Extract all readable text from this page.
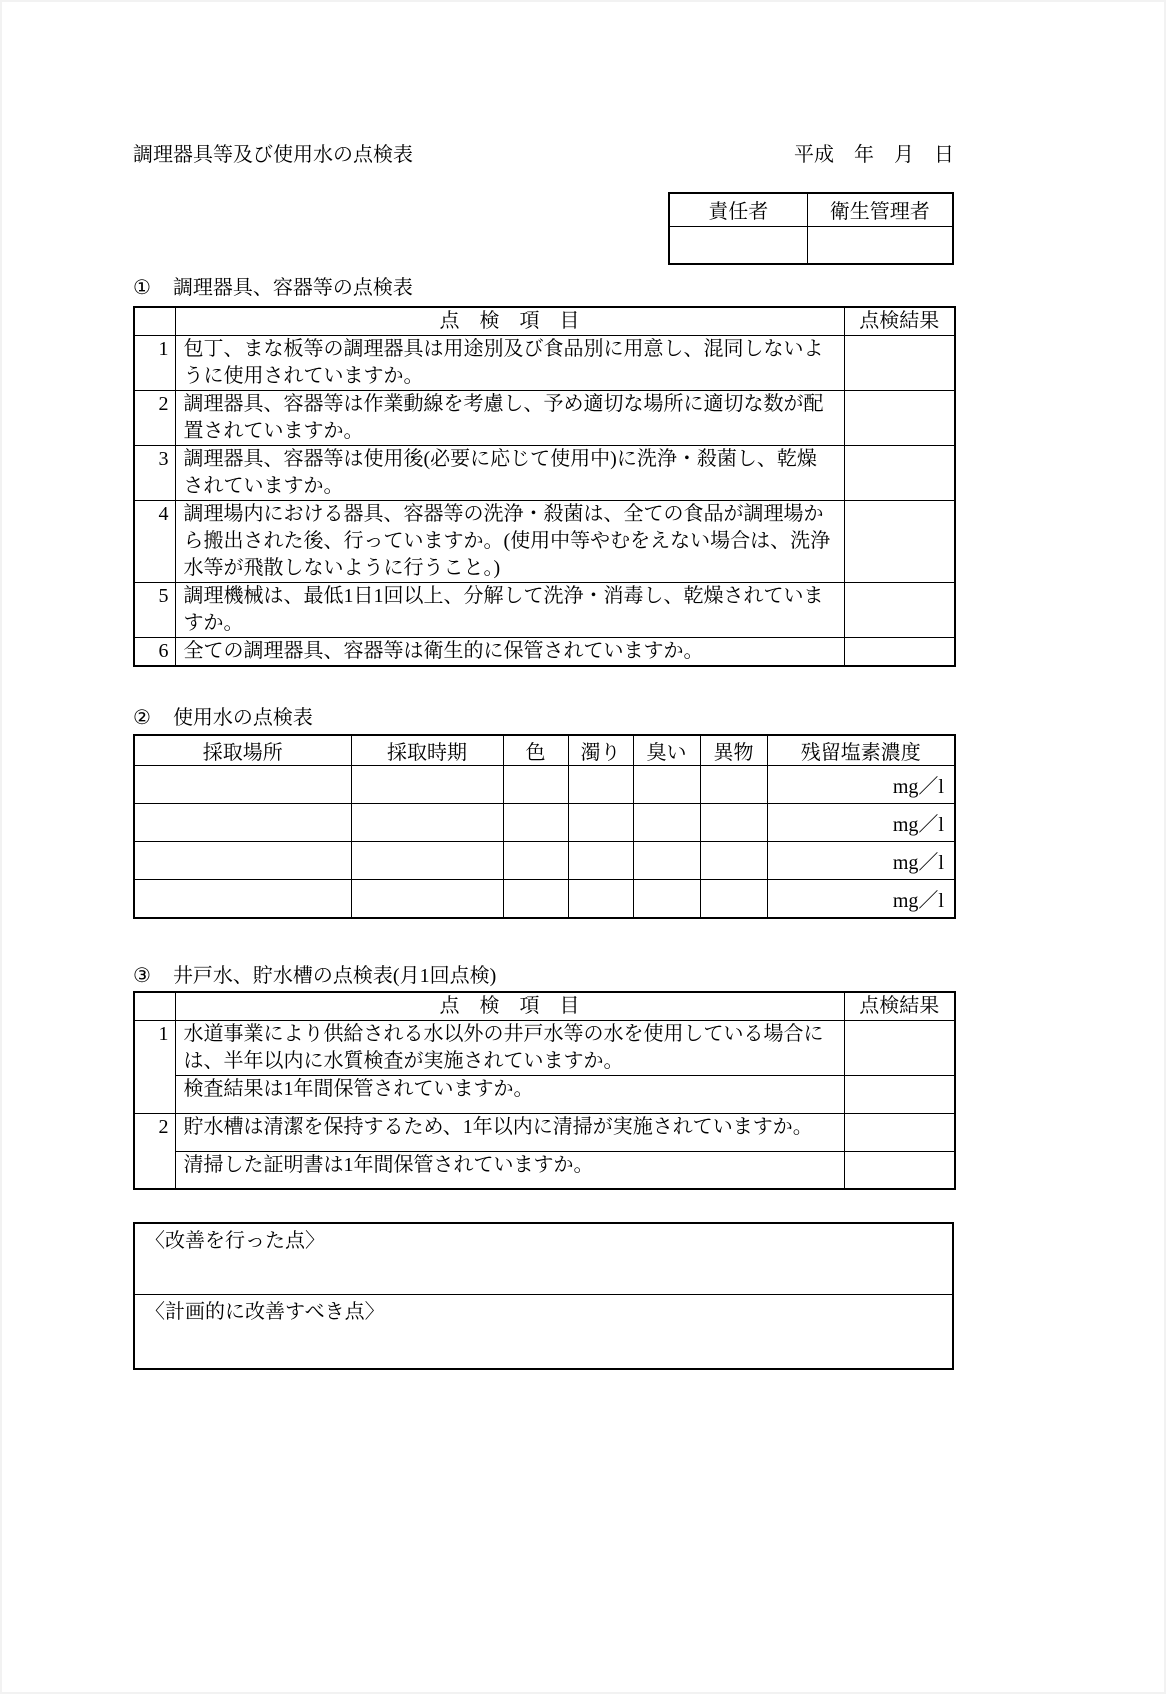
調理器具等及び使用水の点検表	平成　年　月　日
責任者	衛生管理者

① 調理器具、容器等の点検表
	点　検　項　目	点検結果
1	包丁、まな板等の調理器具は用途別及び食品別に用意し、混同しないように使用されていますか。	
2	調理器具、容器等は作業動線を考慮し、予め適切な場所に適切な数が配置されていますか。	
3	調理器具、容器等は使用後(必要に応じて使用中)に洗浄・殺菌し、乾燥されていますか。	
4	調理場内における器具、容器等の洗浄・殺菌は、全ての食品が調理場から搬出された後、行っていますか。(使用中等やむをえない場合は、洗浄水等が飛散しないように行うこと。)	
5	調理機械は、最低1日1回以上、分解して洗浄・消毒し、乾燥されていますか。	
6	全ての調理器具、容器等は衛生的に保管されていますか。	
② 使用水の点検表
採取場所	採取時期	色	濁り	臭い	異物	残留塩素濃度
						mg／l
						mg／l
						mg／l
						mg／l
③ 井戸水、貯水槽の点検表(月1回点検)
	点　検　項　目	点検結果
1	水道事業により供給される水以外の井戸水等の水を使用している場合には、半年以内に水質検査が実施されていますか。	
	検査結果は1年間保管されていますか。	
2	貯水槽は清潔を保持するため、1年以内に清掃が実施されていますか。	
	清掃した証明書は1年間保管されていますか。	
〈改善を行った点〉
〈計画的に改善すべき点〉
